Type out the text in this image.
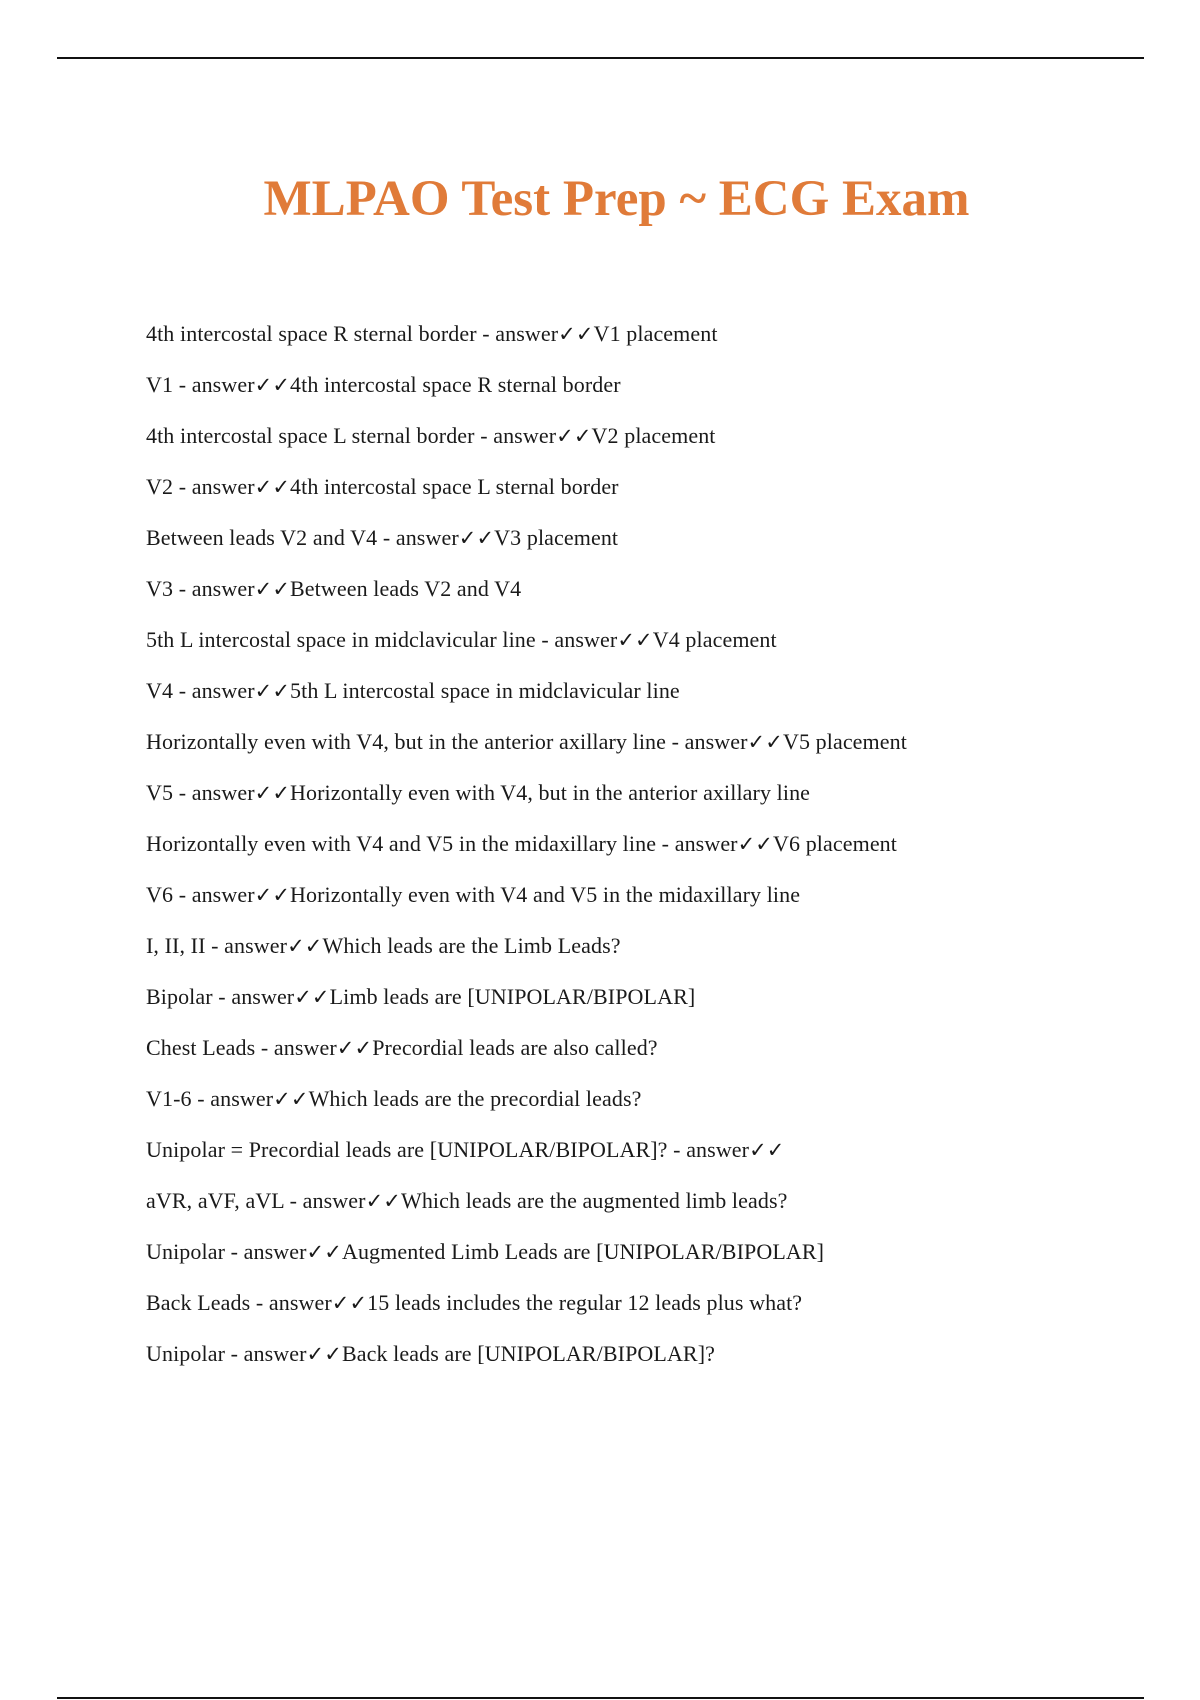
MLPAO Test Prep ~ ECG Exam
4th intercostal space R sternal border - answer✓✓V1 placement
V1 - answer✓✓4th intercostal space R sternal border
4th intercostal space L sternal border - answer✓✓V2 placement
V2 - answer✓✓4th intercostal space L sternal border
Between leads V2 and V4 - answer✓✓V3 placement
V3 - answer✓✓Between leads V2 and V4
5th L intercostal space in midclavicular line - answer✓✓V4 placement
V4 - answer✓✓5th L intercostal space in midclavicular line
Horizontally even with V4, but in the anterior axillary line - answer✓✓V5 placement
V5 - answer✓✓Horizontally even with V4, but in the anterior axillary line
Horizontally even with V4 and V5 in the midaxillary line - answer✓✓V6 placement
V6 - answer✓✓Horizontally even with V4 and V5 in the midaxillary line
I, II, II - answer✓✓Which leads are the Limb Leads?
Bipolar - answer✓✓Limb leads are [UNIPOLAR/BIPOLAR]
Chest Leads - answer✓✓Precordial leads are also called?
V1-6 - answer✓✓Which leads are the precordial leads?
Unipolar = Precordial leads are [UNIPOLAR/BIPOLAR]? - answer✓✓
aVR, aVF, aVL - answer✓✓Which leads are the augmented limb leads?
Unipolar - answer✓✓Augmented Limb Leads are [UNIPOLAR/BIPOLAR]
Back Leads - answer✓✓15 leads includes the regular 12 leads plus what?
Unipolar - answer✓✓Back leads are [UNIPOLAR/BIPOLAR]?
